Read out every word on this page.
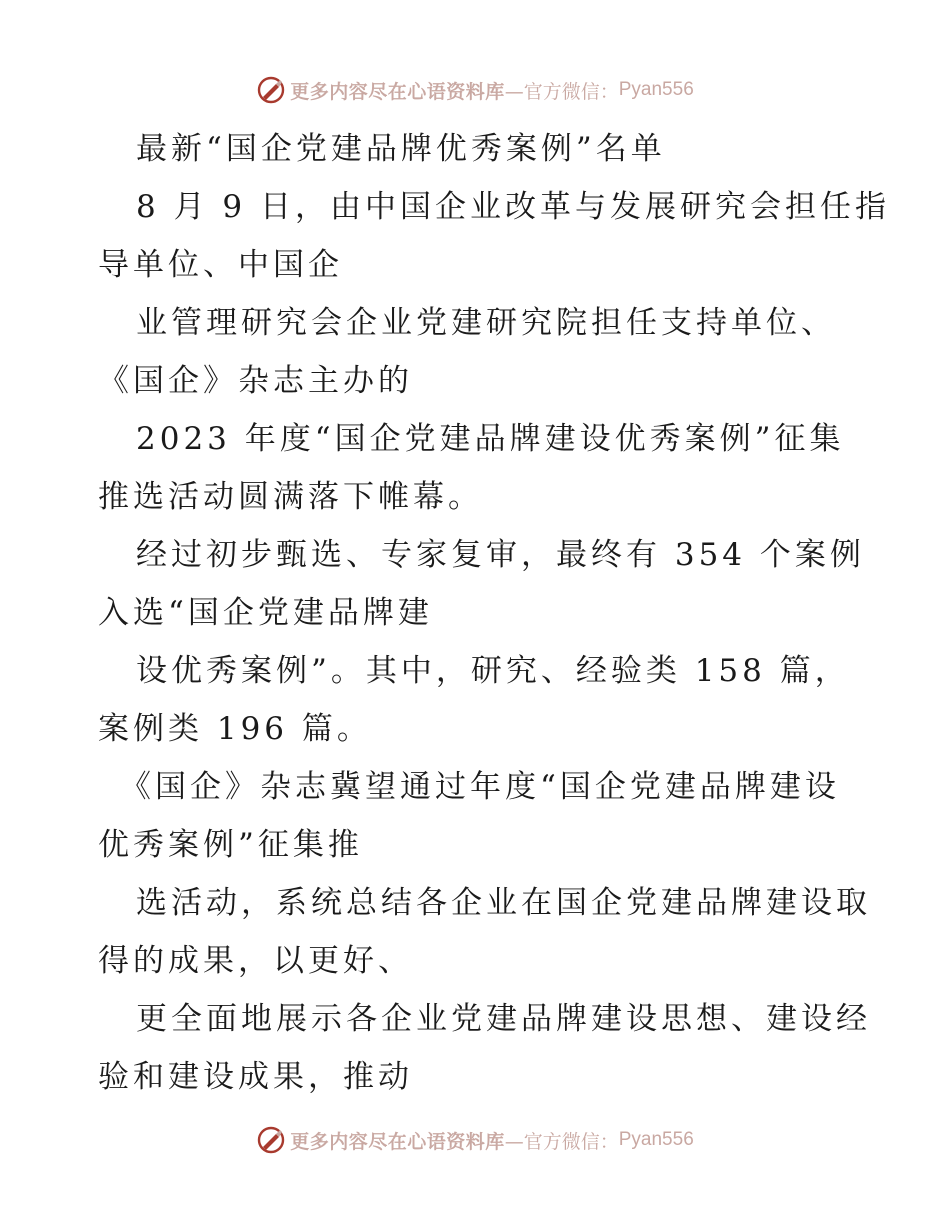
更多内容尽在心语资料库 —官方微信： Pyan556
最新“国企党建品牌优秀案例”名单
8 月 9 日，由中国企业改革与发展研究会担任指
导单位、中国企
业管理研究会企业党建研究院担任支持单位、
《国企》杂志主办的
2023 年度“国企党建品牌建设优秀案例”征集
推选活动圆满落下帷幕。
经过初步甄选、专家复审，最终有 354 个案例
入选“国企党建品牌建
设优秀案例”。其中，研究、经验类 158 篇，
案例类 196 篇。
《国企》杂志冀望通过年度“国企党建品牌建设
优秀案例”征集推
选活动，系统总结各企业在国企党建品牌建设取
得的成果，以更好、
更全面地展示各企业党建品牌建设思想、建设经
验和建设成果，推动
更多内容尽在心语资料库 —官方微信： Pyan556
